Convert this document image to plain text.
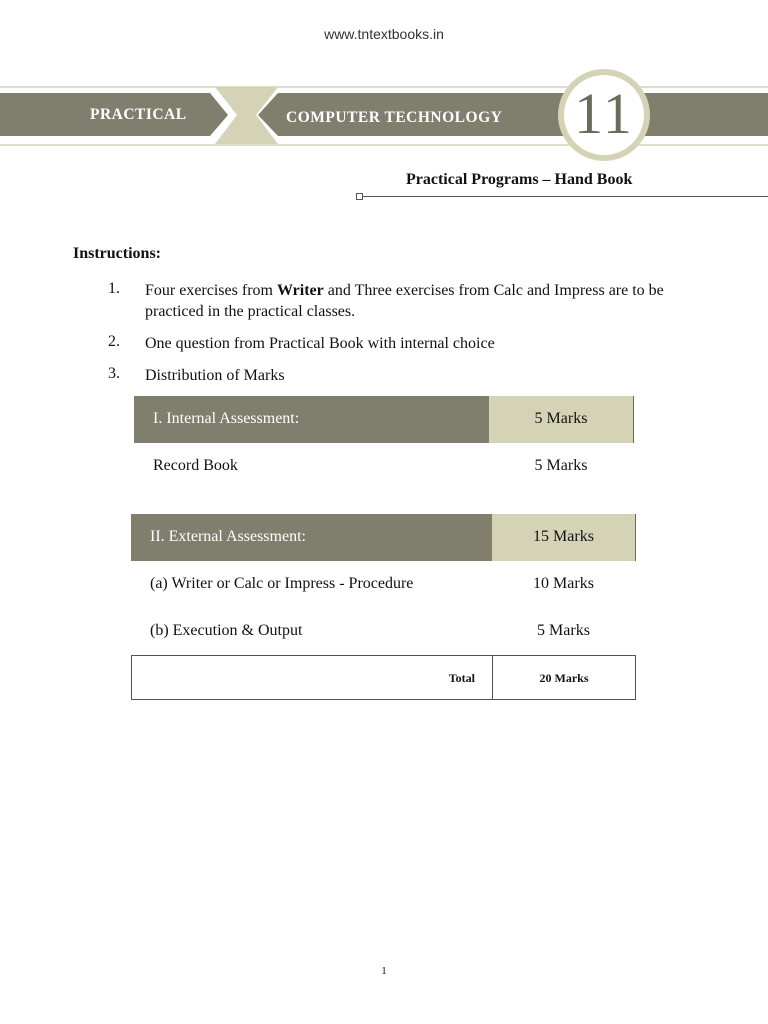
www.tntextbooks.in
PRACTICAL	COMPUTER TECHNOLOGY 11
Practical Programs – Hand Book
Instructions:
1. Four exercises from Writer and Three exercises from Calc and Impress are to be practiced in the practical classes.
2. One question from Practical Book with internal choice
3. Distribution of Marks
I. Internal Assessment:	5 Marks
Record Book	5 Marks
II. External Assessment:	15 Marks
(a) Writer or Calc or Impress - Procedure	10 Marks
(b) Execution & Output	5 Marks
Total	20 Marks
1
